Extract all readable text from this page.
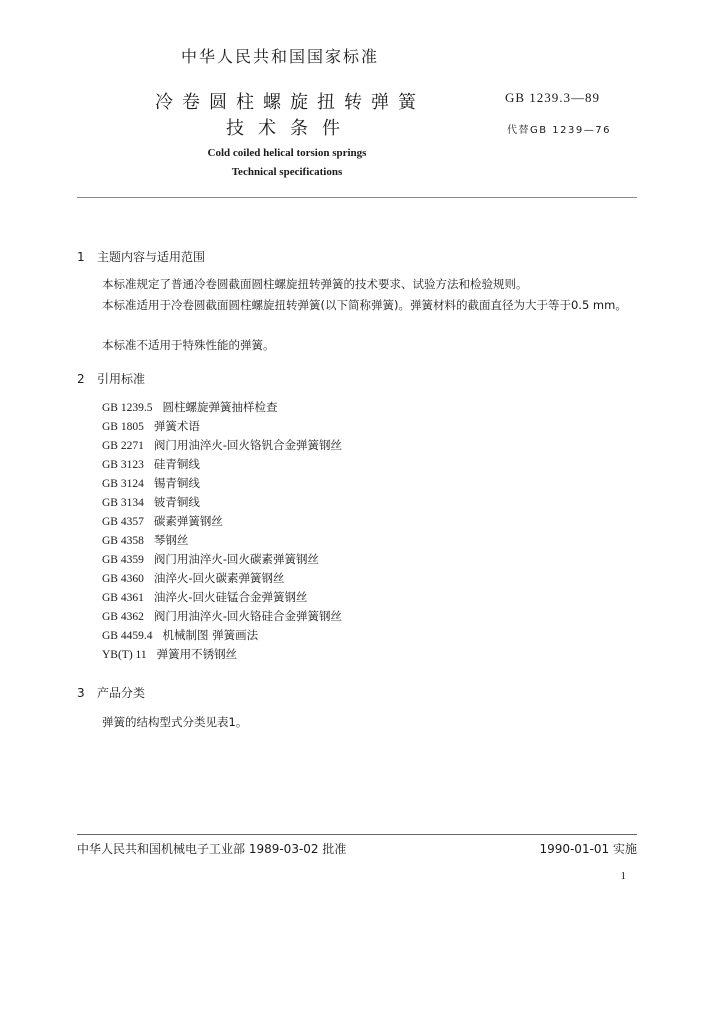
中华人民共和国国家标准
冷卷圆柱螺旋扭转弹簧
技术条件
GB 1239.3—89
代替GB 1239—76
Cold coiled helical torsion springs
Technical specifications
1 主题内容与适用范围
本标准规定了普通冷卷圆截面圆柱螺旋扭转弹簧的技术要求、试验方法和检验规则。
本标准适用于冷卷圆截面圆柱螺旋扭转弹簧(以下简称弹簧)。弹簧材料的截面直径为大于等于0.5 mm。
本标准不适用于特殊性能的弹簧。
2 引用标准
GB 1239.5 圆柱螺旋弹簧抽样检查
GB 1805 弹簧术语
GB 2271 阀门用油淬火-回火铬钒合金弹簧钢丝
GB 3123 硅青铜线
GB 3124 锡青铜线
GB 3134 铍青铜线
GB 4357 碳素弹簧钢丝
GB 4358 琴钢丝
GB 4359 阀门用油淬火-回火碳素弹簧钢丝
GB 4360 油淬火-回火碳素弹簧钢丝
GB 4361 油淬火-回火硅锰合金弹簧钢丝
GB 4362 阀门用油淬火-回火铬硅合金弹簧钢丝
GB 4459.4 机械制图 弹簧画法
YB(T) 11 弹簧用不锈钢丝
3 产品分类
弹簧的结构型式分类见表1。
中华人民共和国机械电子工业部 1989-03-02 批准	1990-01-01 实施
1
